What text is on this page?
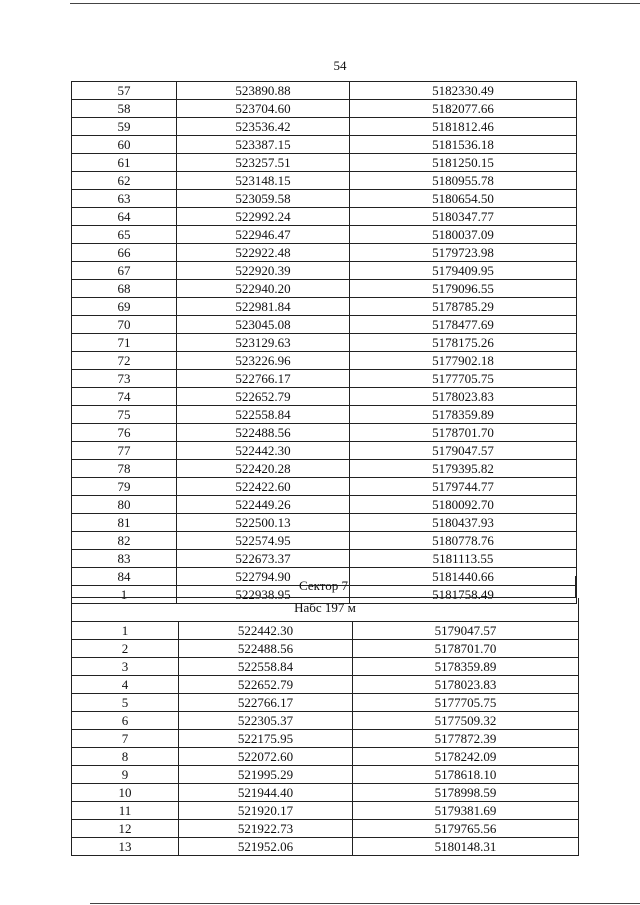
54
57	523890.88	5182330.49
58	523704.60	5182077.66
59	523536.42	5181812.46
60	523387.15	5181536.18
61	523257.51	5181250.15
62	523148.15	5180955.78
63	523059.58	5180654.50
64	522992.24	5180347.77
65	522946.47	5180037.09
66	522922.48	5179723.98
67	522920.39	5179409.95
68	522940.20	5179096.55
69	522981.84	5178785.29
70	523045.08	5178477.69
71	523129.63	5178175.26
72	523226.96	5177902.18
73	522766.17	5177705.75
74	522652.79	5178023.83
75	522558.84	5178359.89
76	522488.56	5178701.70
77	522442.30	5179047.57
78	522420.28	5179395.82
79	522422.60	5179744.77
80	522449.26	5180092.70
81	522500.13	5180437.93
82	522574.95	5180778.76
83	522673.37	5181113.55
84	522794.90	5181440.66
1	522938.95	5181758.49
Сектор 7
Набс 197 м
1	522442.30	5179047.57
2	522488.56	5178701.70
3	522558.84	5178359.89
4	522652.79	5178023.83
5	522766.17	5177705.75
6	522305.37	5177509.32
7	522175.95	5177872.39
8	522072.60	5178242.09
9	521995.29	5178618.10
10	521944.40	5178998.59
11	521920.17	5179381.69
12	521922.73	5179765.56
13	521952.06	5180148.31
